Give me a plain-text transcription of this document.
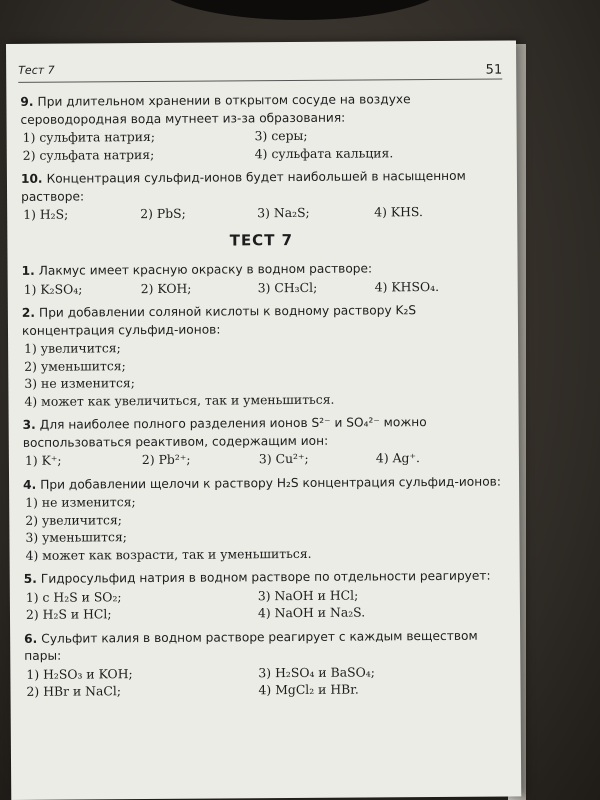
Тест 7	51
9. При длительном хранении в открытом сосуде на воздухе сероводородная вода мутнеет из-за образования:
1) сульфита натрия;	3) серы;
2) сульфата натрия;	4) сульфата кальция.
10. Концентрация сульфид-ионов будет наибольшей в насыщенном растворе:
1) H₂S;	2) PbS;	3) Na₂S;	4) KHS.
ТЕСТ 7
1. Лакмус имеет красную окраску в водном растворе:
1) K₂SO₄;	2) KOH;	3) CH₃Cl;	4) KHSO₄.
2. При добавлении соляной кислоты к водному раствору K₂S концентрация сульфид-ионов:
1) увеличится;
2) уменьшится;
3) не изменится;
4) может как увеличиться, так и уменьшиться.
3. Для наиболее полного разделения ионов S²⁻ и SO₄²⁻ можно воспользоваться реактивом, содержащим ион:
1) K⁺;	2) Pb²⁺;	3) Cu²⁺;	4) Ag⁺.
4. При добавлении щелочи к раствору H₂S концентрация сульфид-ионов:
1) не изменится;
2) увеличится;
3) уменьшится;
4) может как возрасти, так и уменьшиться.
5. Гидросульфид натрия в водном растворе по отдельности реагирует:
1) с H₂S и SO₂;	3) NaOH и HCl;
2) H₂S и HCl;	4) NaOH и Na₂S.
6. Сульфит калия в водном растворе реагирует с каждым веществом пары:
1) H₂SO₃ и KOH;	3) H₂SO₄ и BaSO₄;
2) HBr и NaCl;	4) MgCl₂ и HBr.
